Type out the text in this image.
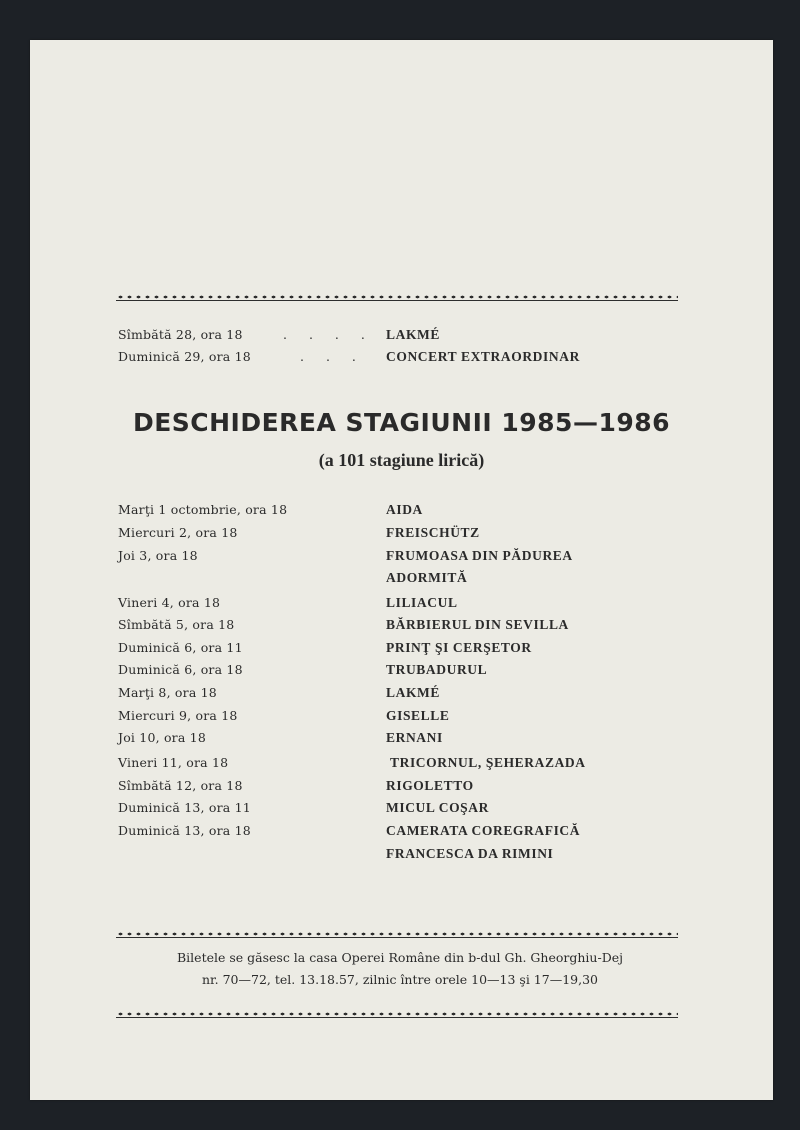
Sîmbătă 28, ora 18	. . . . LAKMÉ
Duminică 29, ora 18	. . . CONCERT EXTRAORDINAR
DESCHIDEREA STAGIUNII 1985—1986
(a 101 stagiune lirică)
Marţi 1 octombrie, ora 18	AIDA
Miercuri 2, ora 18	FREISCHÜTZ
Joi 3, ora 18	FRUMOASA DIN PĂDUREA
ADORMITĂ
Vineri 4, ora 18	LILIACUL
Sîmbătă 5, ora 18	BĂRBIERUL DIN SEVILLA
Duminică 6, ora 11	PRINŢ ŞI CERŞETOR
Duminică 6, ora 18	TRUBADURUL
Marţi 8, ora 18	LAKMÉ
Miercuri 9, ora 18	GISELLE
Joi 10, ora 18	ERNANI
Vineri 11, ora 18	TRICORNUL, ŞEHERAZADA
Sîmbătă 12, ora 18	RIGOLETTO
Duminică 13, ora 11	MICUL COŞAR
Duminică 13, ora 18	CAMERATA COREGRAFICĂ
FRANCESCA DA RIMINI
Biletele se găsesc la casa Operei Române din b-dul Gh. Gheorghiu-Dej
nr. 70—72, tel. 13.18.57, zilnic între orele 10—13 şi 17—19,30
